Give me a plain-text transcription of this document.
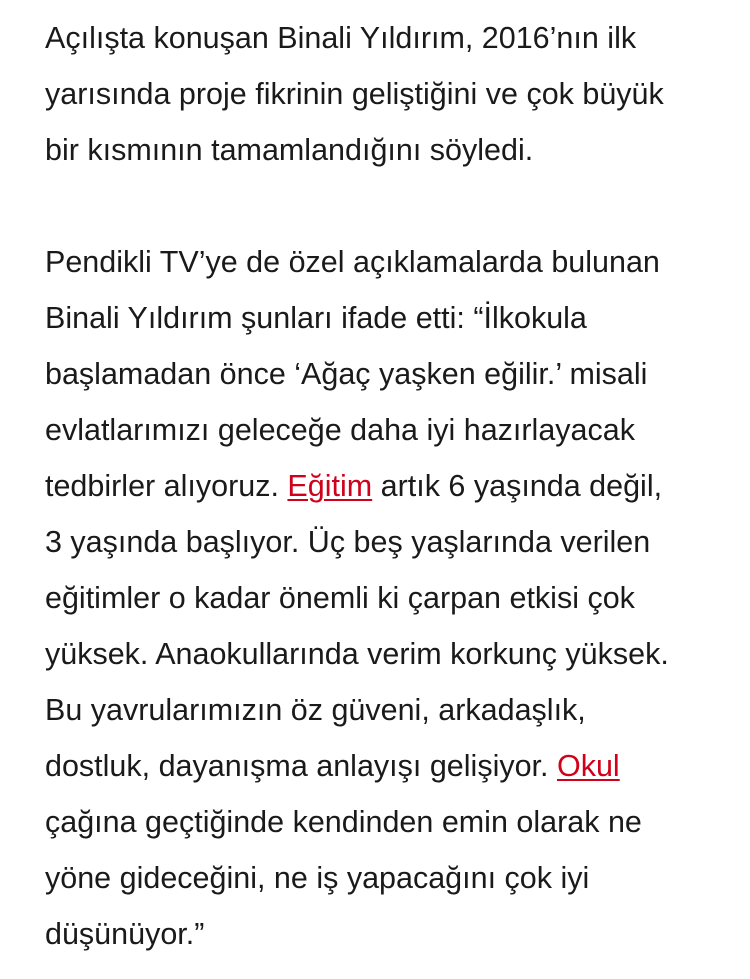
Açılışta konuşan Binali Yıldırım, 2016’nın ilk
yarısında proje fikrinin geliştiğini ve çok büyük
bir kısmının tamamlandığını söyledi.

Pendikli TV’ye de özel açıklamalarda bulunan
Binali Yıldırım şunları ifade etti: “İlkokula
başlamadan önce ‘Ağaç yaşken eğilir.’ misali
evlatlarımızı geleceğe daha iyi hazırlayacak
tedbirler alıyoruz. Eğitim artık 6 yaşında değil,
3 yaşında başlıyor. Üç beş yaşlarında verilen
eğitimler o kadar önemli ki çarpan etkisi çok
yüksek. Anaokullarında verim korkunç yüksek.
Bu yavrularımızın öz güveni, arkadaşlık,
dostluk, dayanışma anlayışı gelişiyor. Okul
çağına geçtiğinde kendinden emin olarak ne
yöne gideceğini, ne iş yapacağını çok iyi
düşünüyor.”
